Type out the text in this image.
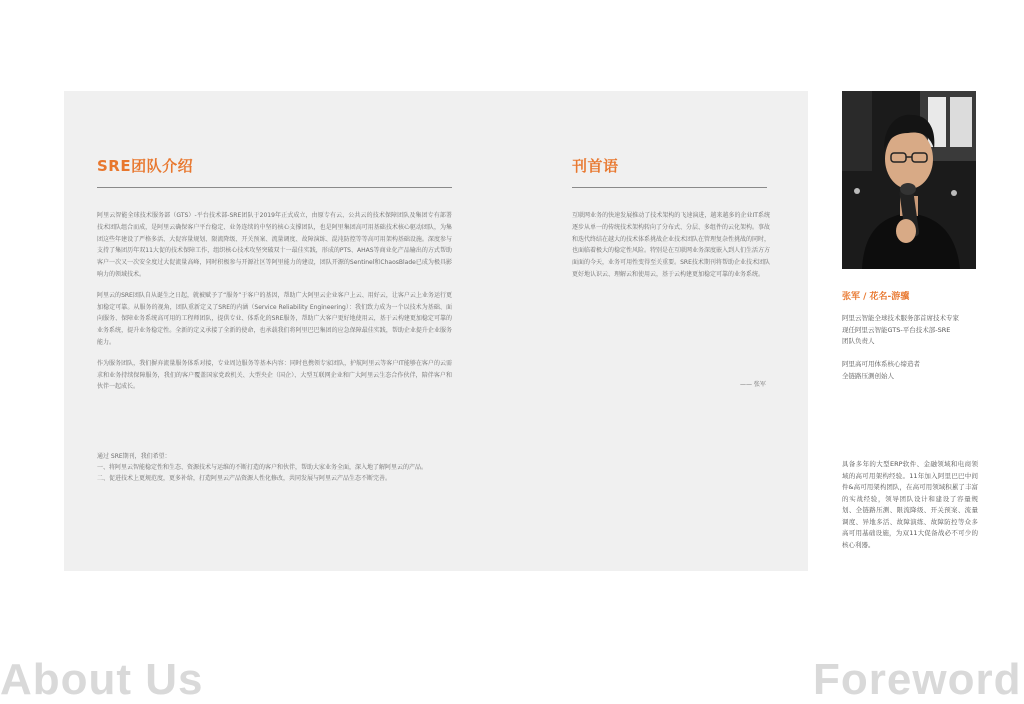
SRE团队介绍

阿里云智能全球技术服务部（GTS）-平台技术部-SRE团队于2019年正式成立，由原专有云、公共云的技术保障团队及集团专有部署技术团队组合而成，是阿里云确保客户平台稳定、业务连续的中坚的核心支撑团队，也是阿里集团高可用基础技术核心驱动团队，为集团这些年建设了严格多活、大促容量规划、限流降级、开关预案、流量调度、故障演练、混沌防控等等高可用架构基础设施。深度参与支持了集团历年双11大促的技术保障工作，组织核心技术攻坚突破双十一最佳实践，形成的PTS、AHAS等商业化产品输出的方式帮助客户一次又一次安全度过大促流量高峰，同时积极参与开源社区等阿里能力的建设，团队开源的Sentinel和ChaosBlade已成为极具影响力的领域技术。

阿里云的SRE团队自从诞生之日起，就被赋予了“服务”于客户的基因，帮助广大阿里云企业客户上云、用好云，让客户云上业务运行更加稳定可靠。从服务的视角，团队重新定义了SRE的内涵（Service Reliability Engineering）：我们致力成为一个以技术为基础、面向服务、保障业务系统高可用的工程师团队，提供专业、体系化的SRE服务，帮助广大客户更好地使用云，基于云构建更加稳定可靠的业务系统，提升业务稳定性。全新的定义承接了全新的使命，也承载我们将阿里巴巴集团的应急保障最佳实践，帮助企业提升企业服务能力。

作为服务团队，我们摒弃流量服务体系对接，专业周边服务等基本内容：同时也携领专家团队，护航阿里云等客户IT能够在客户的云需求和业务持续保障服务，我们的客户覆盖国家党政机关、大型央企（国企）、大型互联网企业和广大阿里云生态合作伙伴，陪伴客户和伙伴一起成长。

通过 SRE期刊，我们希望：
一、将阿里云智能稳定性和生态、资源技术与运维的不断打造的客户和伙伴，帮助大家业务全面，深入地了解阿里云的产品。
二、促进技术上更规范度，更多补给，打造阿里云产品资源人性化修改，共同发展与阿里云产品生态不断完善。
刊首语

互联网业务的快速发展推动了技术架构的飞速演进，越来越多的企业IT系统逐步从单一的传统技术架构转向了分布式、分层、多组件的云化架构。事故和迭代终结在越大的技术体系挑战企业技术团队在管理复杂性挑战的同时，也面临着极大的稳定性风险。特别是在互联网业务深度嵌入到人们生活方方面面的今天，业务可用性变得至关重要。SRE技术期刊将帮助企业技术团队更好地认识云、理解云和使用云，基于云构建更加稳定可靠的业务系统。

—— 张军
张军 / 花名-游骥
阿里云智能全球技术服务部首席技术专家
现任阿里云智能GTS-平台技术部-SRE
团队负责人
阿里高可用体系核心缔造者
全链路压测创始人
具备多年的大型ERP软件、金融领域和电商领域的高可用架构经验。11年加入阿里巴巴中间件&高可用架构团队，在高可用领域积累了丰富的实战经验，领导团队设计和建设了容量规划、全链路压测、限流降级、开关预案、流量调度、异地多活、故障演练、故障防控等众多高可用基础设施，为双11大促备战必不可少的核心利器。
About Us	Foreword
